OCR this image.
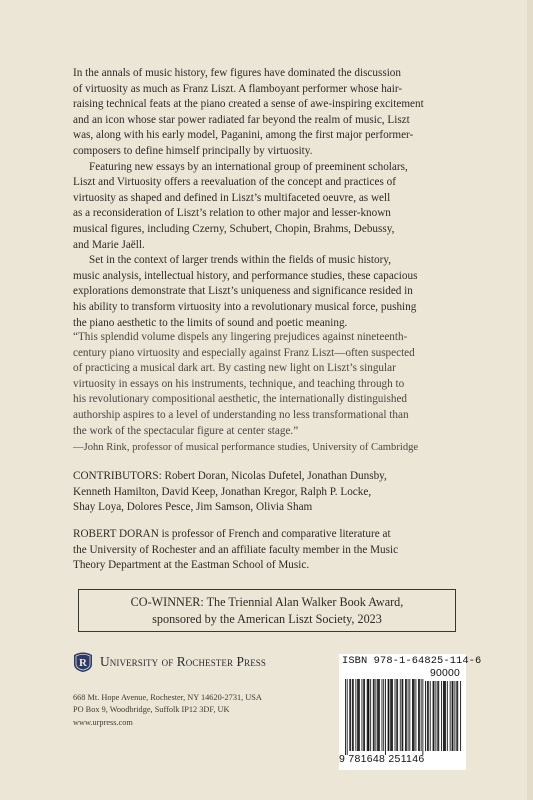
In the annals of music history, few figures have dominated the discussion
of virtuosity as much as Franz Liszt. A flamboyant performer whose hair-
raising technical feats at the piano created a sense of awe-inspiring excitement
and an icon whose star power radiated far beyond the realm of music, Liszt
was, along with his early model, Paganini, among the first major performer-
composers to define himself principally by virtuosity.

Featuring new essays by an international group of preeminent scholars,
Liszt and Virtuosity offers a reevaluation of the concept and practices of
virtuosity as shaped and defined in Liszt’s multifaceted oeuvre, as well
as a reconsideration of Liszt’s relation to other major and lesser-known
musical figures, including Czerny, Schubert, Chopin, Brahms, Debussy,
and Marie Jaëll.

Set in the context of larger trends within the fields of music history,
music analysis, intellectual history, and performance studies, these capacious
explorations demonstrate that Liszt’s uniqueness and significance resided in
his ability to transform virtuosity into a revolutionary musical force, pushing
the piano aesthetic to the limits of sound and poetic meaning.

“This splendid volume dispels any lingering prejudices against nineteenth-
century piano virtuosity and especially against Franz Liszt—often suspected
of practicing a musical dark art. By casting new light on Liszt’s singular
virtuosity in essays on his instruments, technique, and teaching through to
his revolutionary compositional aesthetic, the internationally distinguished
authorship aspires to a level of understanding no less transformational than
the work of the spectacular figure at center stage.”

—John Rink, professor of musical performance studies, University of Cambridge

CONTRIBUTORS: Robert Doran, Nicolas Dufetel, Jonathan Dunsby,
Kenneth Hamilton, David Keep, Jonathan Kregor, Ralph P. Locke,
Shay Loya, Dolores Pesce, Jim Samson, Olivia Sham
ROBERT DORAN is professor of French and comparative literature at
the University of Rochester and an affiliate faculty member in the Music
Theory Department at the Eastman School of Music.
CO-WINNER: The Triennial Alan Walker Book Award,
sponsored by the American Liszt Society, 2023
R University of Rochester Press
668 Mt. Hope Avenue, Rochester, NY 14620-2731, USA
PO Box 9, Woodbridge, Suffolk IP12 3DF, UK
www.urpress.com
ISBN 978-1-64825-114-6
90000
9 781648 251146
